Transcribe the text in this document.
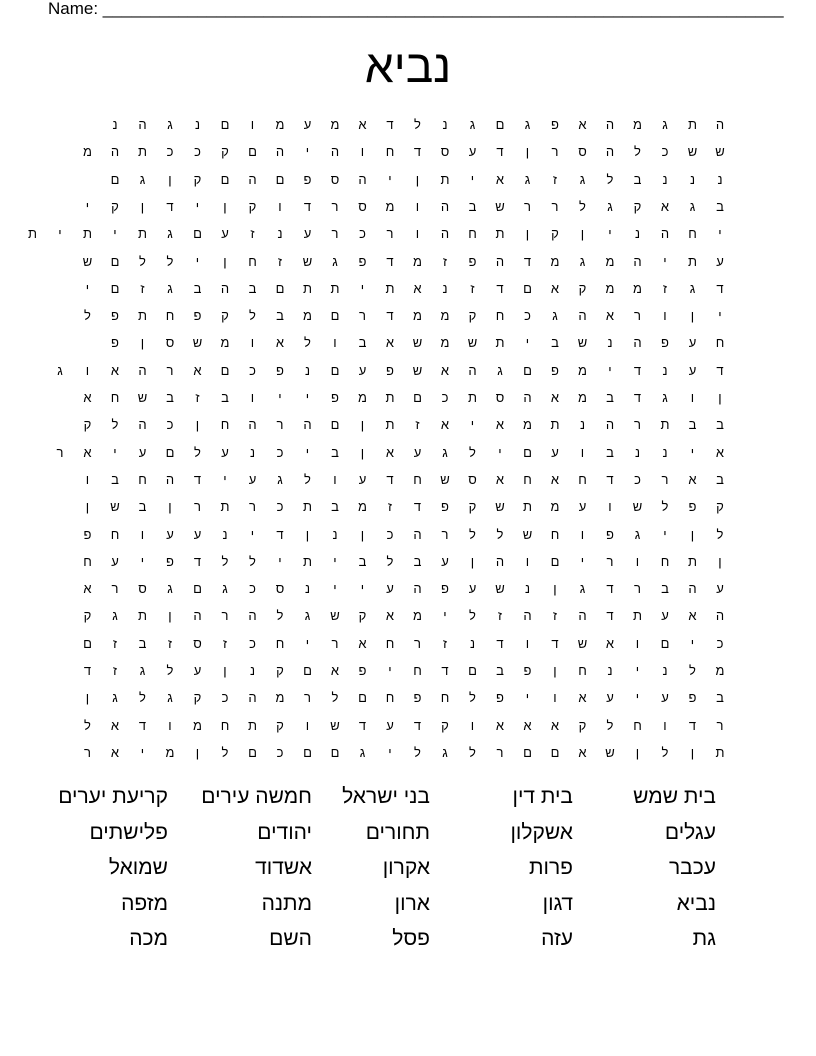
Name: ________________________________________________________________________
נביא
ה
ת
ג
מ
ה
א
פ
ג
ם
ג
נ
ל
ד
א
מ
ע
מ
ו
ם
נ
ג
ה
נ
ש
ש
כ
ל
ה
ס
ר
ן
ד
ע
ס
ד
ח
ו
ה
י
ה
ם
ק
כ
כ
ת
ה
מ
נ
נ
נ
ב
ל
ג
ז
ג
א
י
ת
ן
י
ה
ס
פ
ם
ה
ם
ק
ן
ג
ם
ב
ג
א
ק
ג
ל
ר
ר
ש
ב
ה
ו
מ
ס
ר
ד
ו
ק
ן
י
ד
ן
ק
י
י
ח
ה
נ
י
ן
ק
ן
ת
ח
ה
ו
ר
כ
ר
ע
נ
ז
ע
ם
ג
ת
י
ת
י
ת
ע
ת
י
ה
מ
ג
מ
ד
ה
פ
ז
מ
ד
פ
ג
ש
ז
ח
ן
י
ל
ל
ם
ש
ד
ג
ז
מ
מ
ק
א
ם
ד
ז
נ
א
ת
י
ת
ת
ם
ב
ה
ב
ג
ז
ם
י
י
ן
ו
ר
א
ה
ג
כ
ח
ק
מ
מ
ד
ר
ם
מ
ב
ל
ק
פ
ח
ת
פ
ל
ח
ע
פ
ה
נ
ש
ב
י
ת
ש
מ
ש
א
ב
ו
ל
א
ו
מ
ש
ס
ן
פ
ד
ע
נ
ד
י
מ
פ
ם
ג
ה
א
ש
פ
ע
ם
נ
פ
כ
ם
א
ר
ה
א
ו
ג
ן
ו
ג
ד
ב
מ
א
ה
ס
ת
כ
ם
ת
מ
פ
י
י
ו
ב
ז
ב
ש
ח
א
ב
ב
ת
ר
ה
נ
ת
מ
א
י
א
ז
ת
ן
ם
ה
ר
ה
ח
ן
כ
ה
ל
ק
א
י
נ
נ
ב
ו
ע
ם
י
ל
ג
ע
א
ן
ב
י
כ
נ
ע
ל
ם
ע
י
א
ר
ב
א
ר
כ
ד
ח
א
ח
א
ס
ש
ח
ד
ע
ו
ל
ג
ע
י
ד
ה
ח
ב
ו
ק
פ
ל
ש
ו
ע
מ
ת
ש
ק
פ
ד
ז
מ
ב
ת
כ
ר
ת
ר
ן
ב
ש
ן
ל
ן
י
ג
פ
ו
ח
ש
ל
ל
ר
ה
כ
ן
נ
ן
ד
י
נ
ע
ע
ו
ח
פ
ן
ת
ח
ו
ר
י
ם
ו
ה
ן
ע
ב
ל
ב
י
ת
י
ל
ל
ד
פ
י
ע
ח
ע
ה
ב
ר
ד
ג
ן
נ
ש
ע
פ
ה
ע
י
י
נ
ס
כ
ג
ם
ג
ס
ר
א
ה
א
ע
ת
ד
ה
ז
ה
ז
ל
י
מ
א
ק
ש
ג
ל
ה
ר
ה
ן
ת
ג
ק
כ
י
ם
ו
א
ש
ד
ו
ד
נ
ז
ר
ח
א
ר
י
ח
כ
ז
ס
ז
ב
ז
ם
מ
ל
נ
י
נ
ח
ן
פ
ב
ם
ד
ח
י
פ
א
ם
ק
נ
ן
ע
ל
ג
ז
ד
ב
פ
ע
י
ע
א
ו
י
פ
ל
ח
פ
ח
ם
ל
ר
מ
ה
כ
ק
ג
ל
ג
ן
ר
ד
ו
ח
ל
ק
א
א
א
ו
ק
ד
ע
ד
ש
ו
ק
ת
ח
מ
ו
ד
א
ל
ת
ן
ל
ן
ש
א
ם
ם
ר
ל
ג
ל
י
ג
ם
ם
כ
ם
ל
ן
מ
י
א
ר
בית שמש
בית דין
בני ישראל
חמשה עירים
קריעת יערים
עגלים
אשקלון
תחורים
יהודים
פלישתים
עכבר
פרות
אקרון
אשדוד
שמואל
נביא
דגון
ארון
מתנה
מזפה
גת
עזה
פסל
השם
מכה
